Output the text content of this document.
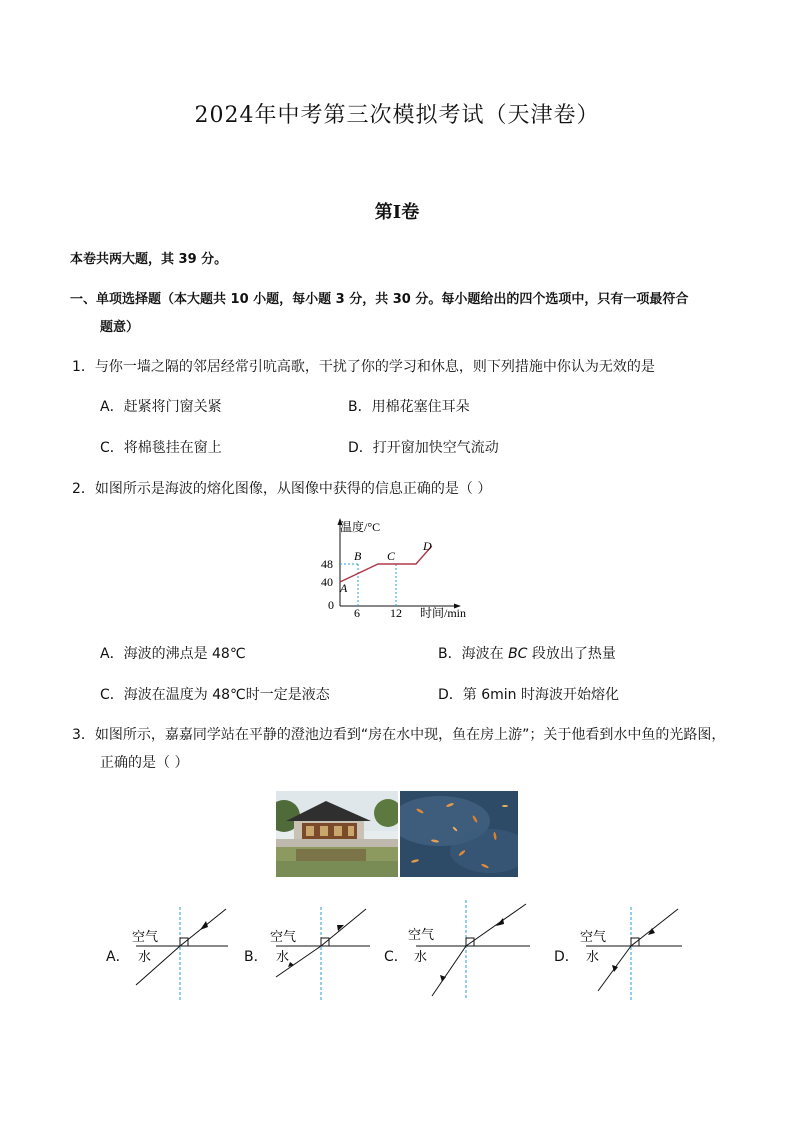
2024年中考第三次模拟考试（天津卷）
第Ⅰ卷
本卷共两大题，其 39 分。
一、单项选择题（本大题共 10 小题，每小题 3 分，共 30 分。每小题给出的四个选项中，只有一项最符合
题意）
1．与你一墙之隔的邻居经常引吭高歌，干扰了你的学习和休息，则下列措施中你认为无效的是
A．赶紧将门窗关紧	B．用棉花塞住耳朵
C．将棉毯挂在窗上	D．打开窗加快空气流动
2．如图所示是海波的熔化图像，从图像中获得的信息正确的是（ ）
温度/°C
时间/min
48
40
0
6	12
A
B C
D
A．海波的沸点是 48℃	B．海波在 BC 段放出了热量
C．海波在温度为 48℃时一定是液态	D．第 6min 时海波开始熔化
3．如图所示，嘉嘉同学站在平静的澄池边看到“房在水中现，鱼在房上游”；关于他看到水中鱼的光路图，
正确的是（ ）
A．
空气
水	B．
空气
水	C．
空气
水	D．
空气
水
